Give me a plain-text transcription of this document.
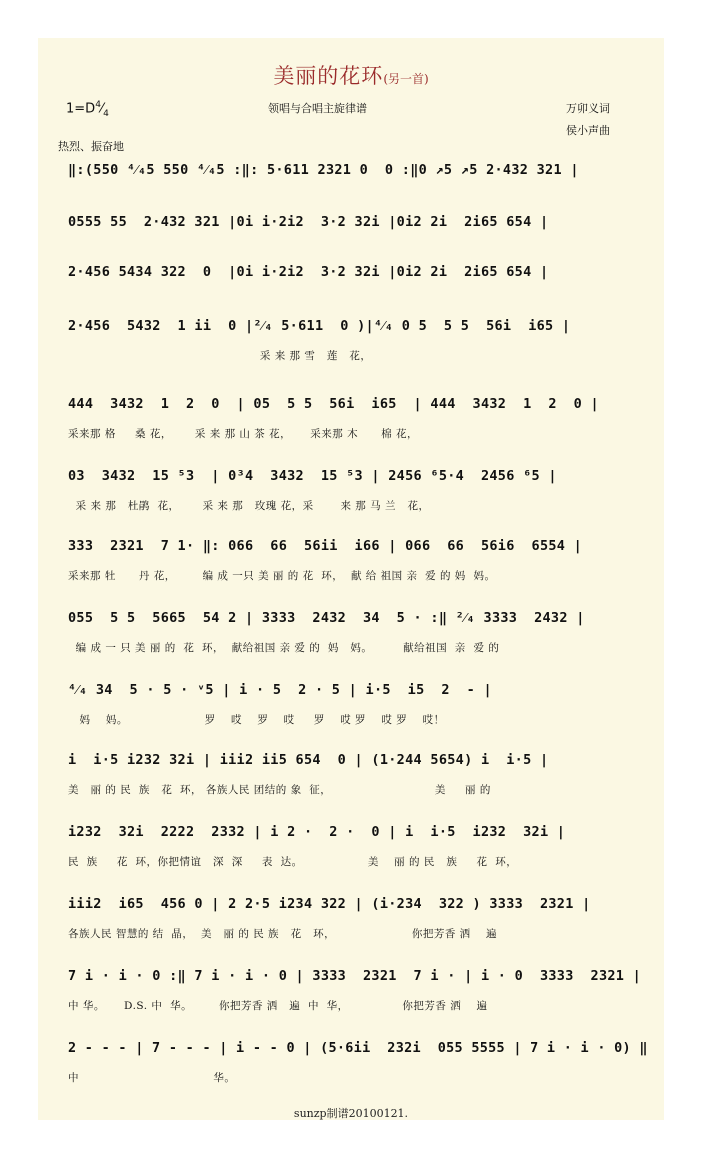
美丽的花环(另一首)
$1=D^4⁄_4$	领唱与合唱主旋律谱	万卯义词
侯小声曲
热烈、振奋地
‖:(550 ⁴⁄₄5 550 ⁴⁄₄5 :‖: 5·611 2321 0  0 :‖0 ↗5 ↗5 2·432 321 |
0555 55  2·432 321 |0i i·2i2  3·2 32i |0i2 2i  2i65 654 |
2·456 5434 322  0  |0i i·2i2  3·2 32i |0i2 2i  2i65 654 |
2·456  5432  1 ii  0 |²⁄₄ 5·611  0 )|⁴⁄₄ 0 5  5 5  56i  i65 |
采 来 那 雪   莲   花，
444  3432  1  2  0  | 05  5 5  56i  i65  | 444  3432  1  2  0 |
采来那 格     桑 花，      采 来 那 山 茶 花，     采来那 木      棉 花，
03  3432  15 ⁵3  | 0³4  3432  15 ⁵3 | 2456 ⁶5·4  2456 ⁶5 |
采 来 那   杜鹃  花，      采 来 那   玫瑰 花，采       来 那 马 兰   花，
333  2321  7 1· ‖: 066  66  56ii  i66 | 066  66  56i6  6554 |
采来那 牡      丹 花，       编 成 一只 美 丽 的 花  环，  献 给 祖国 亲  爱 的 妈  妈。
055  5 5  5665  54 2 | 3333  2432  34  5 · :‖ ²⁄₄ 3333  2432 |
编 成 一 只 美 丽 的  花  环，  献给祖国 亲 爱 的  妈   妈。        献给祖国  亲  爱 的
⁴⁄₄ 34  5 · 5 · ᵛ5 | i · 5  2 · 5 | i·5  i5  2  - |
妈    妈。                    罗    哎    罗    哎     罗    哎 罗    哎 罗    哎！
i  i·5 i232 32i | iii2 ii5 654  0 | (1·244 5654) i  i·5 |
美   丽 的 民  族   花  环， 各族人民 团结的 象  征，                           美     丽 的
i232  32i  2222  2332 | i 2 ·  2 ·  0 | i  i·5  i232  32i |
民  族     花  环，你把情谊   深  深     表  达。                 美    丽 的 民   族     花  环，
iii2  i65  456 0 | 2 2·5 i234 322 | (i·234  322 ) 3333  2321 |
各族人民 智慧的 结  晶，  美   丽 的 民 族   花   环，                    你把芳香 洒    遍
7 i · i · 0 :‖ 7 i · i · 0 | 3333  2321  7 i · | i · 0  3333  2321 |
中 华。     D.S. 中  华。       你把芳香 洒   遍  中  华，              你把芳香 洒    遍
2 - - - | 7 - - - | i - - 0 | (5·6ii  232i  055 5555 | 7 i · i · 0) ‖
中                                   华。
sunzp制谱20100121.
